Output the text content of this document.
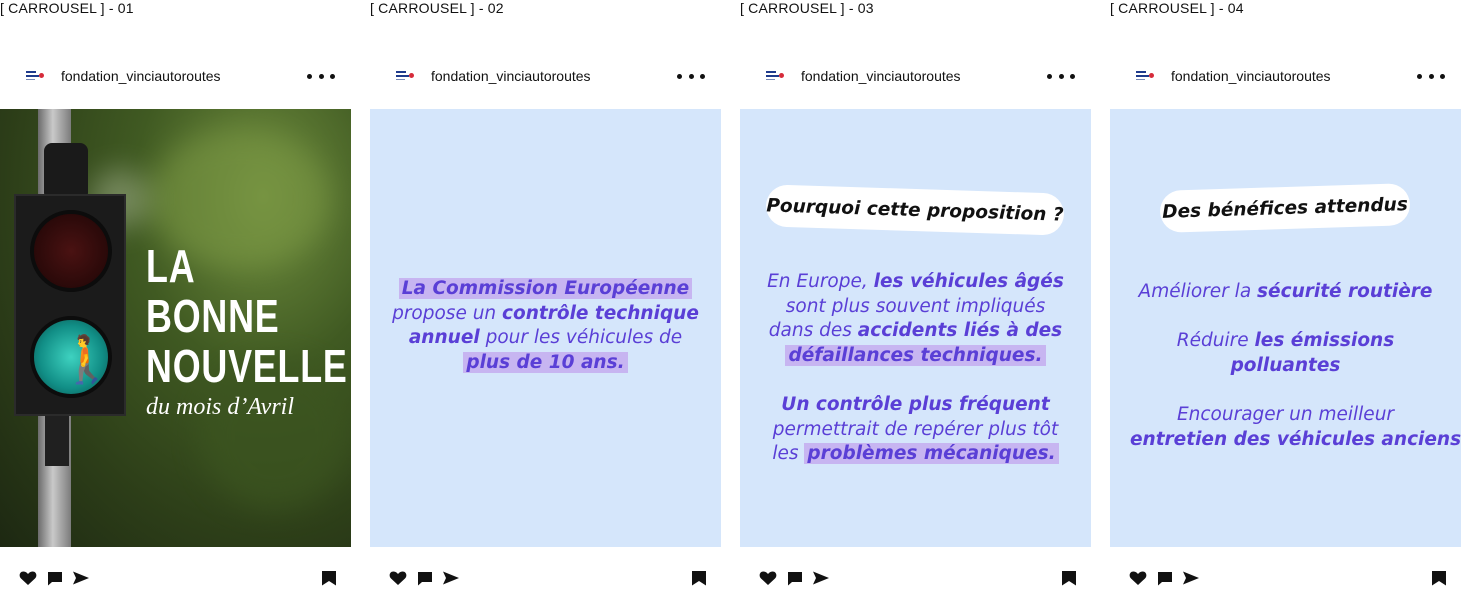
[ CARROUSEL ] - 01
fondation_vinciautoroutes
🚶
LA
BONNE
NOUVELLE
du mois d’Avril
[ CARROUSEL ] - 02
fondation_vinciautoroutes
La Commission Européenne
propose un contrôle technique
annuel pour les véhicules de
plus de 10 ans.
[ CARROUSEL ] - 03
fondation_vinciautoroutes
Pourquoi cette proposition ?
En Europe, les véhicules âgés
sont plus souvent impliqués
dans des accidents liés à des
défaillances techniques.
Un contrôle plus fréquent
permettrait de repérer plus tôt
les problèmes mécaniques.
[ CARROUSEL ] - 04
fondation_vinciautoroutes
Des bénéfices attendus
Améliorer la sécurité routière
Réduire les émissions
polluantes
Encourager un meilleur
entretien des véhicules anciens
